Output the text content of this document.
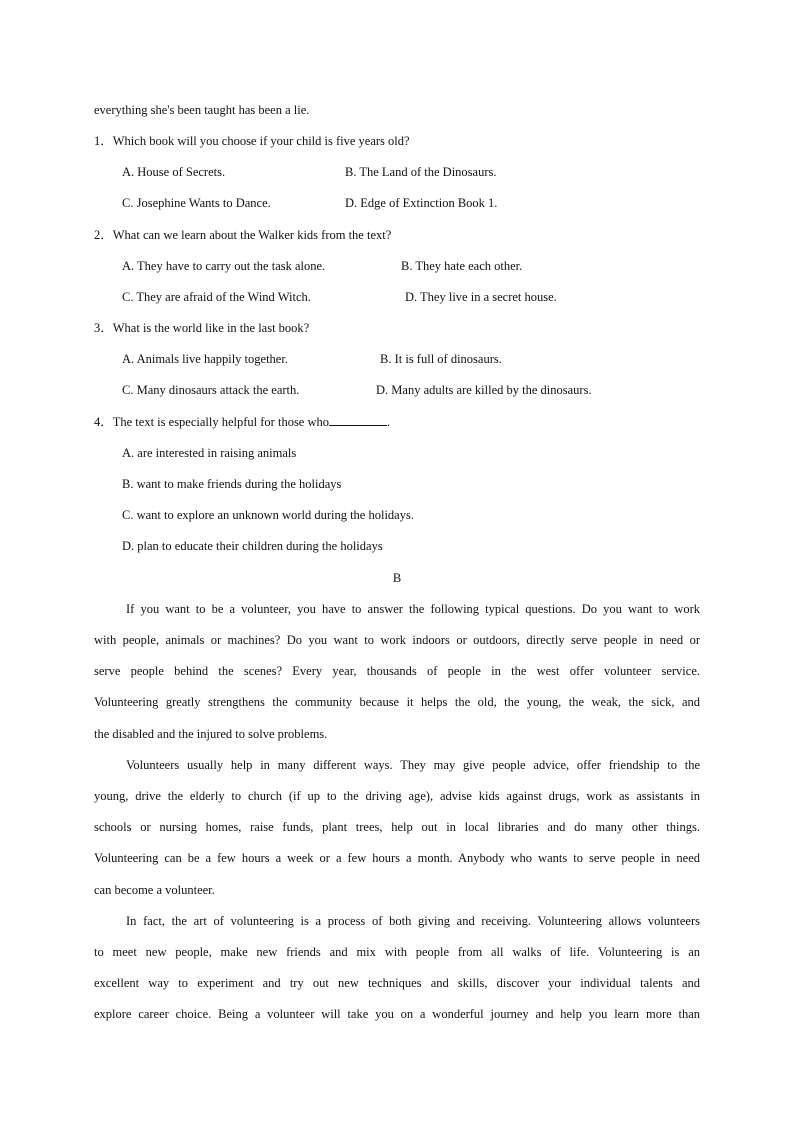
everything she's been taught has been a lie.
1．Which book will you choose if your child is five years old?
A. House of Secrets.	B. The Land of the Dinosaurs.
C. Josephine Wants to Dance.	D. Edge of Extinction Book 1.
2．What can we learn about the Walker kids from the text?
A. They have to carry out the task alone.	B. They hate each other.
C. They are afraid of the Wind Witch.	D. They live in a secret house.
3．What is the world like in the last book?
A. Animals live happily together.	B. It is full of dinosaurs.
C. Many dinosaurs attack the earth.	D. Many adults are killed by the dinosaurs.
4．The text is especially helpful for those who	.
A. are interested in raising animals
B. want to make friends during the holidays
C. want to explore an unknown world during the holidays.
D. plan to educate their children during the holidays
B
If you want to be a volunteer, you have to answer the following typical questions. Do you want to work
with people, animals or machines? Do you want to work indoors or outdoors, directly serve people in need or
serve people behind the scenes? Every year, thousands of people in the west offer volunteer service.
Volunteering greatly strengthens the community because it helps the old, the young, the weak, the sick, and
the disabled and the injured to solve problems.
Volunteers usually help in many different ways. They may give people advice, offer friendship to the
young, drive the elderly to church (if up to the driving age), advise kids against drugs, work as assistants in
schools or nursing homes, raise funds, plant trees, help out in local libraries and do many other things.
Volunteering can be a few hours a week or a few hours a month. Anybody who wants to serve people in need
can become a volunteer.
In fact, the art of volunteering is a process of both giving and receiving. Volunteering allows volunteers
to meet new people, make new friends and mix with people from all walks of life. Volunteering is an
excellent way to experiment and try out new techniques and skills, discover your individual talents and
explore career choice. Being a volunteer will take you on a wonderful journey and help you learn more than
